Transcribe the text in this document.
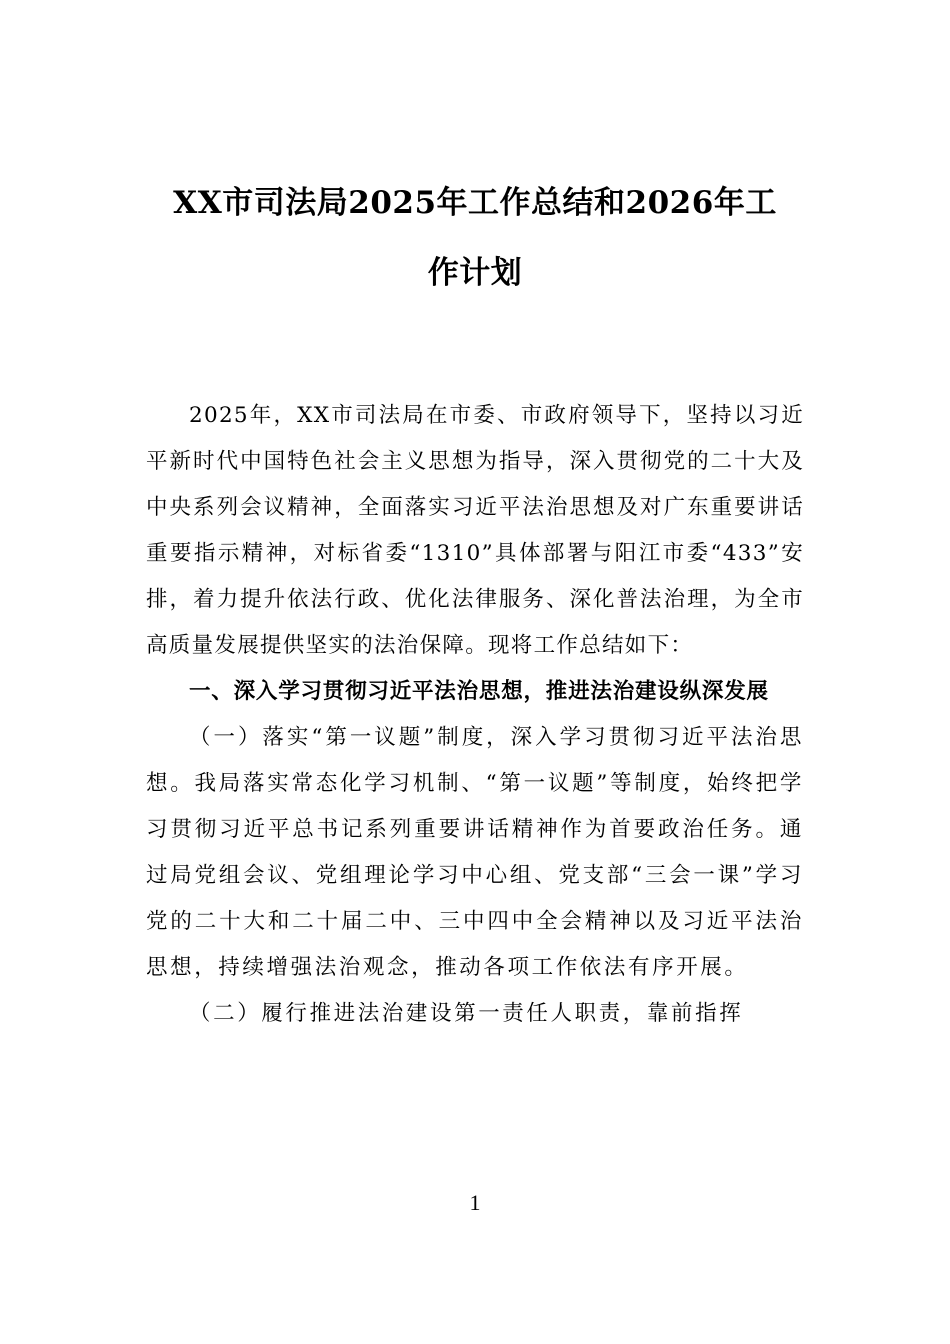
XX市司法局2025年工作总结和2026年工
作计划

2025年，XX市司法局在市委、市政府领导下，坚持以习近平新时代中国特色社会主义思想为指导，深入贯彻党的二十大及中央系列会议精神，全面落实习近平法治思想及对广东重要讲话重要指示精神，对标省委“1310”具体部署与阳江市委“433”安排，着力提升依法行政、优化法律服务、深化普法治理，为全市高质量发展提供坚实的法治保障。现将工作总结如下：

一、深入学习贯彻习近平法治思想，推进法治建设纵深发展

（一）落实“第一议题”制度，深入学习贯彻习近平法治思想。我局落实常态化学习机制、“第一议题”等制度，始终把学习贯彻习近平总书记系列重要讲话精神作为首要政治任务。通过局党组会议、党组理论学习中心组、党支部“三会一课”学习党的二十大和二十届二中、三中四中全会精神以及习近平法治思想，持续增强法治观念，推动各项工作依法有序开展。

（二）履行推进法治建设第一责任人职责，靠前指挥

1
